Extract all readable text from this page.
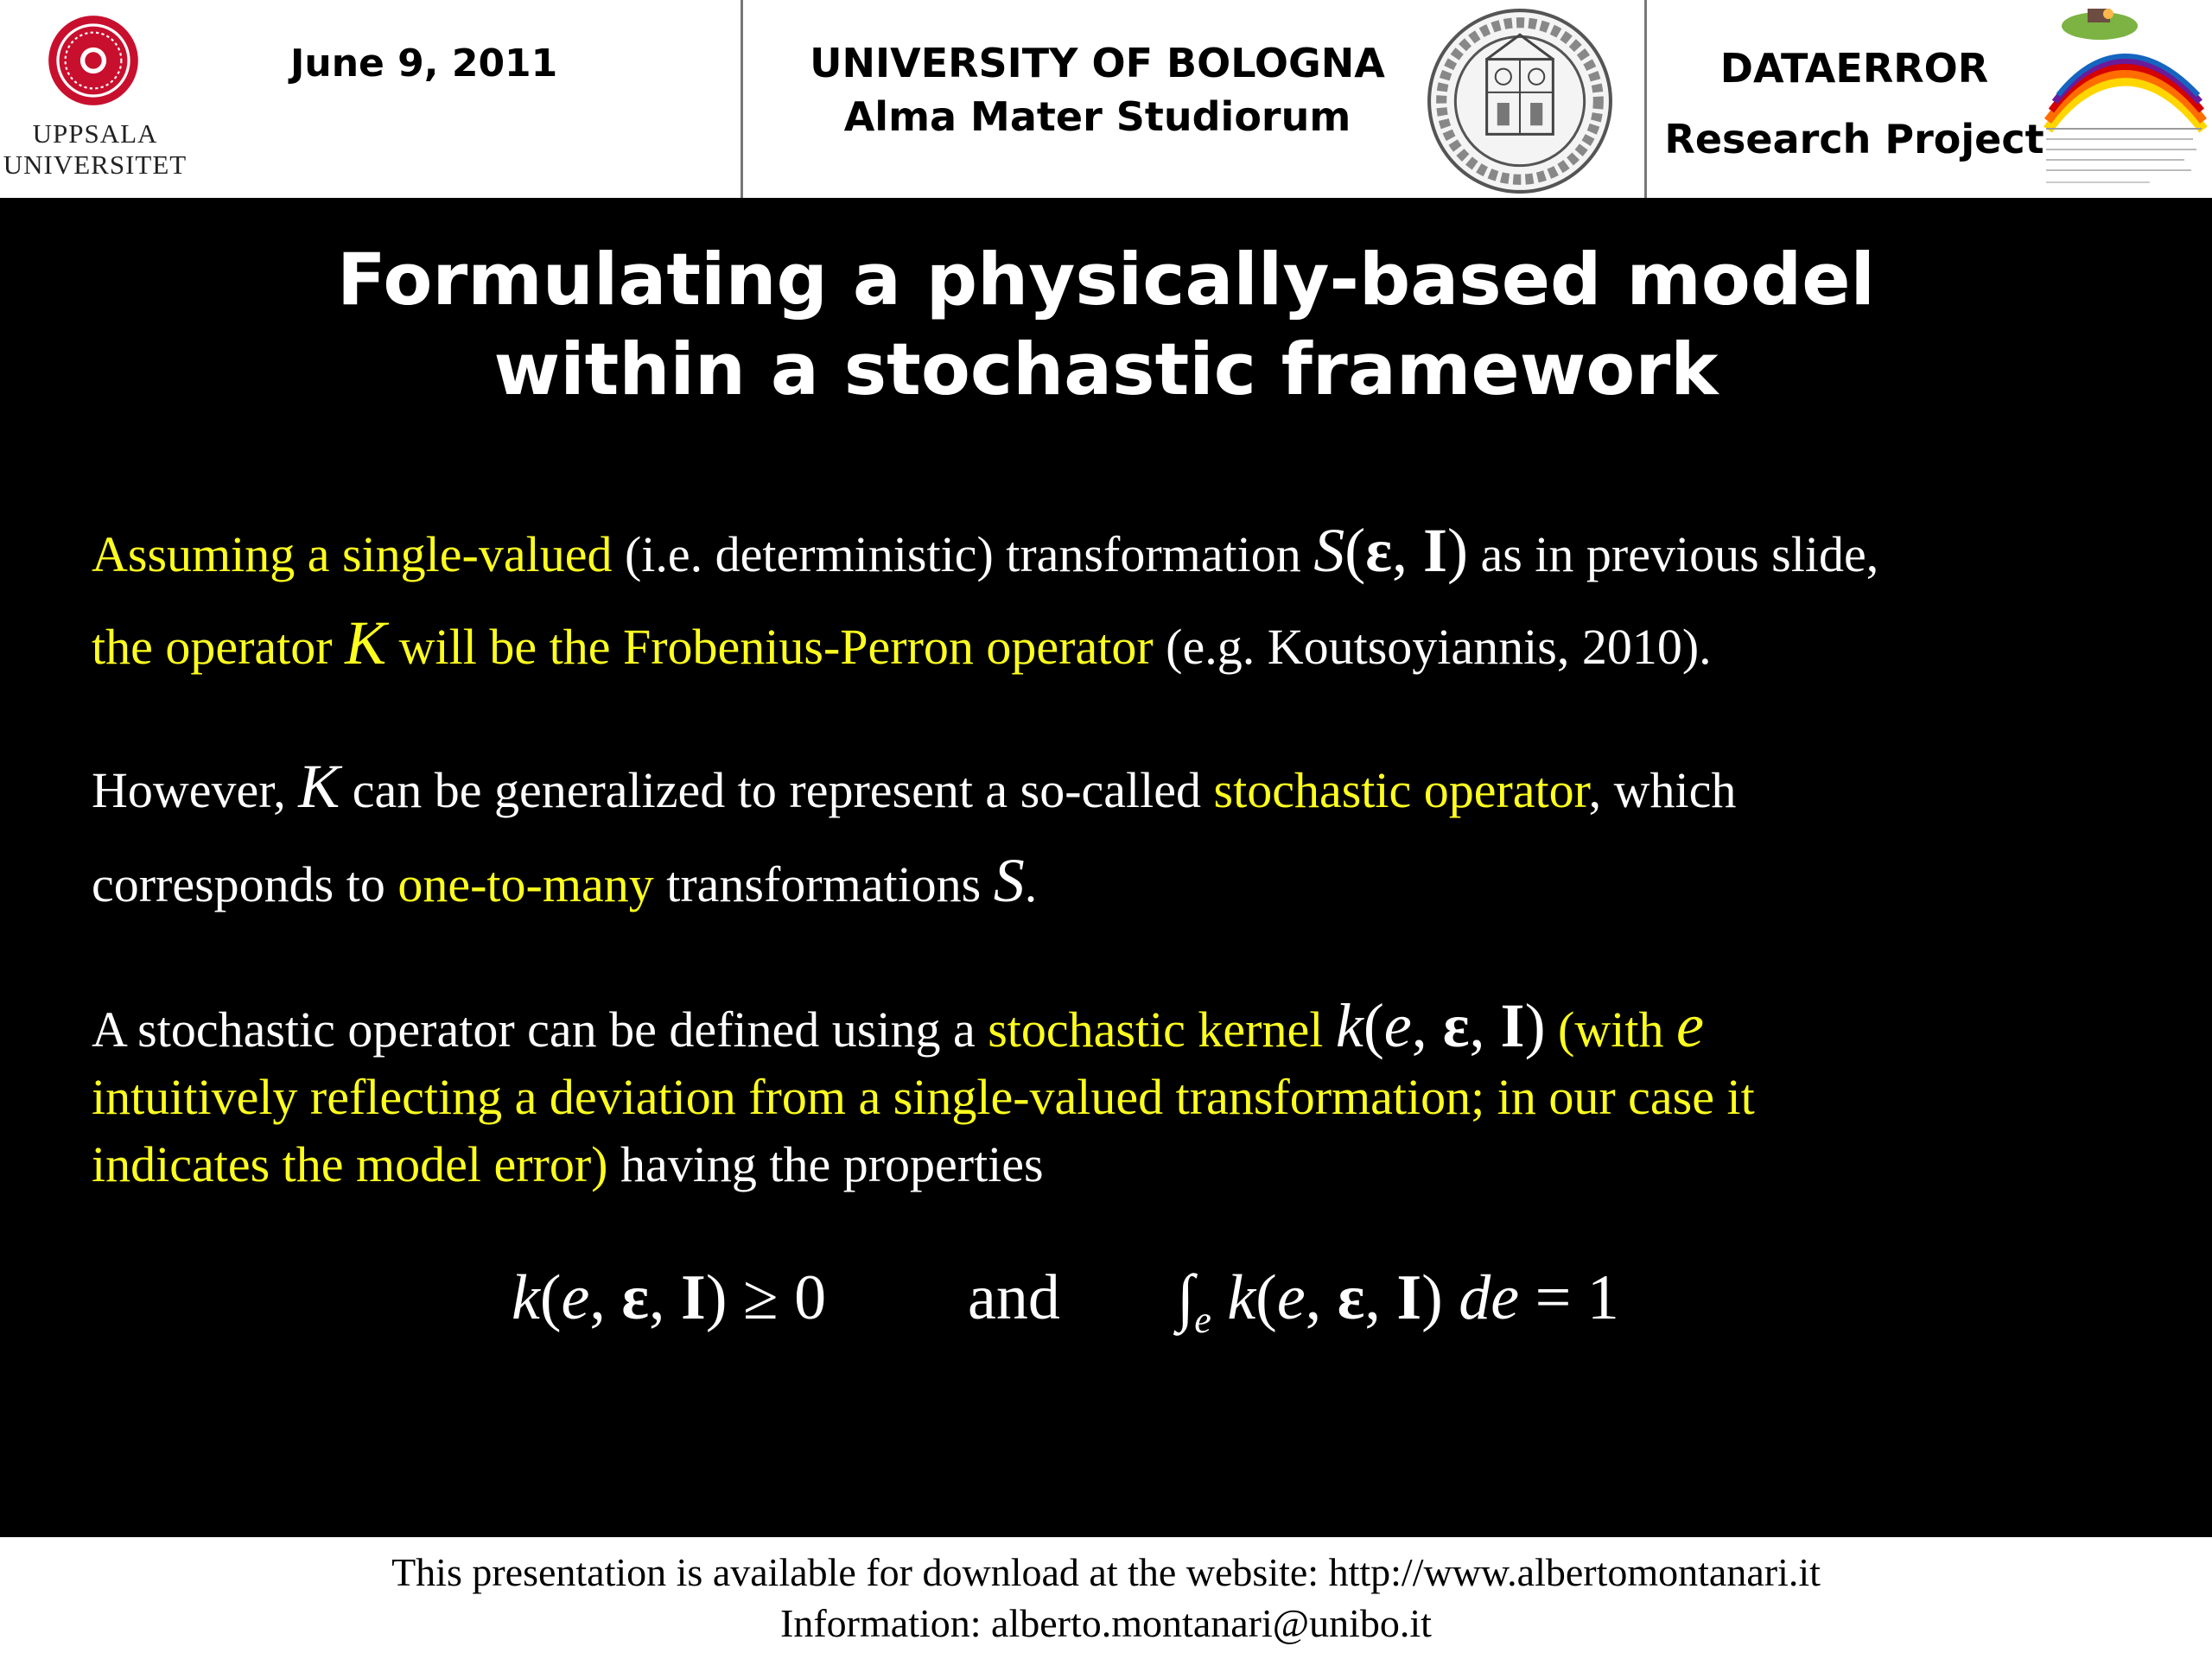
UPPSALA
UNIVERSITET
June 9, 2011	UNIVERSITY OF BOLOGNA
Alma Mater Studiorum
DATAERROR
Research Project
Formulating a physically-based model
within a stochastic framework
Assuming a single-valued (i.e. deterministic) transformation S(ε, I) as in previous slide,
the operator K will be the Frobenius-Perron operator (e.g. Koutsoyiannis, 2010).
However, K can be generalized to represent a so-called stochastic operator, which
corresponds to one-to-many transformations S.
A stochastic operator can be defined using a stochastic kernel k(e, ε, I) (with e
intuitively reflecting a deviation from a single-valued transformation; in our case it
indicates the model error) having the properties
k(e, ε, I) ≥ 0 and $\int_e$ k(e, ε, I) de = 1
This presentation is available for download at the website: http://www.albertomontanari.it
Information: alberto.montanari@unibo.it
